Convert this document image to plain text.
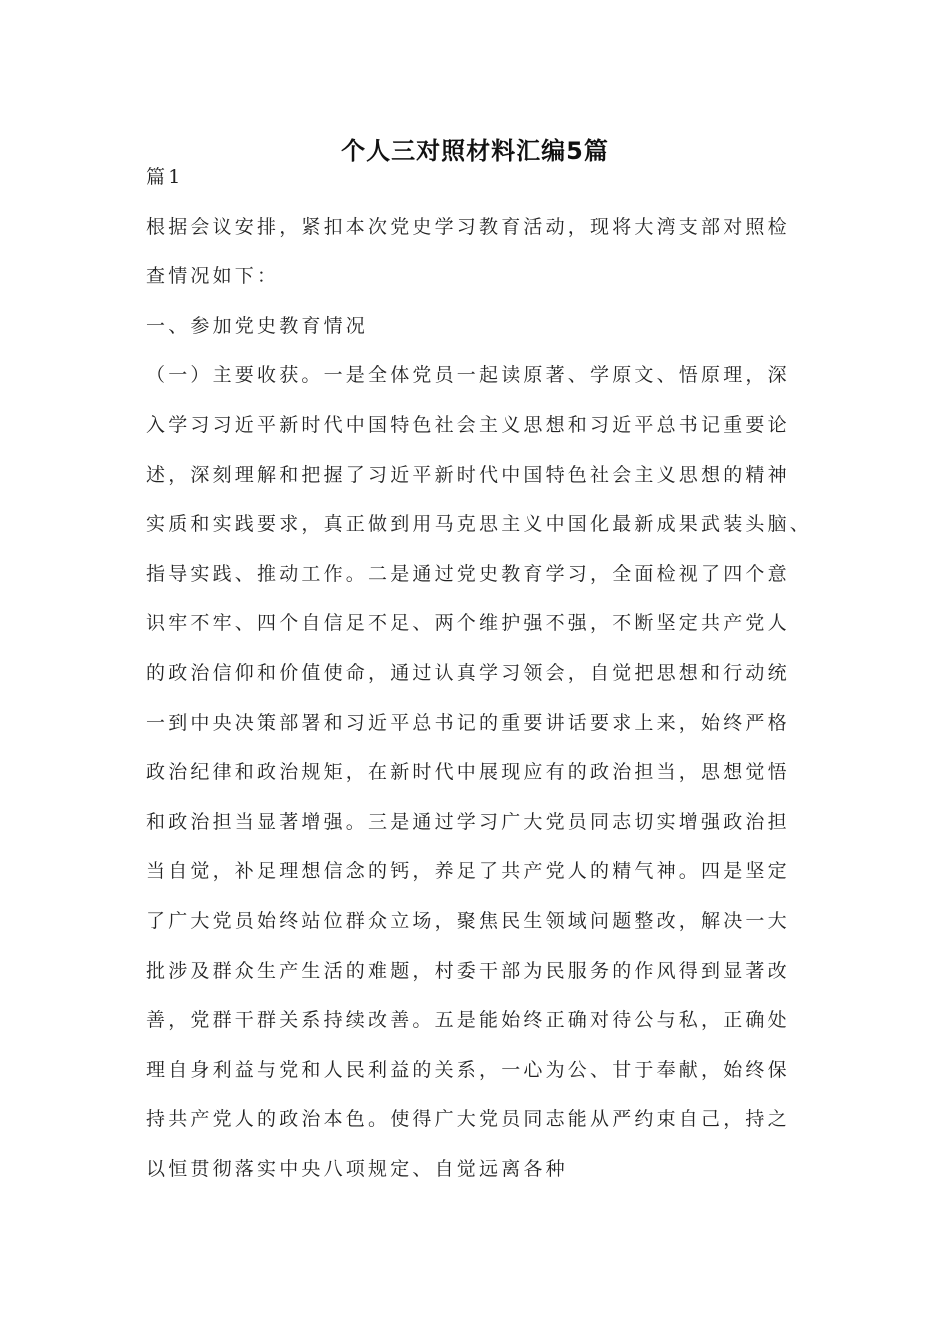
个人三对照材料汇编5篇
篇1
根据会议安排，紧扣本次党史学习教育活动，现将大湾支部对照检
查情况如下：
一、参加党史教育情况
（一）主要收获。一是全体党员一起读原著、学原文、悟原理，深
入学习习近平新时代中国特色社会主义思想和习近平总书记重要论
述，深刻理解和把握了习近平新时代中国特色社会主义思想的精神
实质和实践要求，真正做到用马克思主义中国化最新成果武装头脑、
指导实践、推动工作。二是通过党史教育学习，全面检视了四个意
识牢不牢、四个自信足不足、两个维护强不强，不断坚定共产党人
的政治信仰和价值使命，通过认真学习领会，自觉把思想和行动统
一到中央决策部署和习近平总书记的重要讲话要求上来，始终严格
政治纪律和政治规矩，在新时代中展现应有的政治担当，思想觉悟
和政治担当显著增强。三是通过学习广大党员同志切实增强政治担
当自觉，补足理想信念的钙，养足了共产党人的精气神。四是坚定
了广大党员始终站位群众立场，聚焦民生领域问题整改，解决一大
批涉及群众生产生活的难题，村委干部为民服务的作风得到显著改
善，党群干群关系持续改善。五是能始终正确对待公与私，正确处
理自身利益与党和人民利益的关系，一心为公、甘于奉献，始终保
持共产党人的政治本色。使得广大党员同志能从严约束自己，持之
以恒贯彻落实中央八项规定、自觉远离各种
